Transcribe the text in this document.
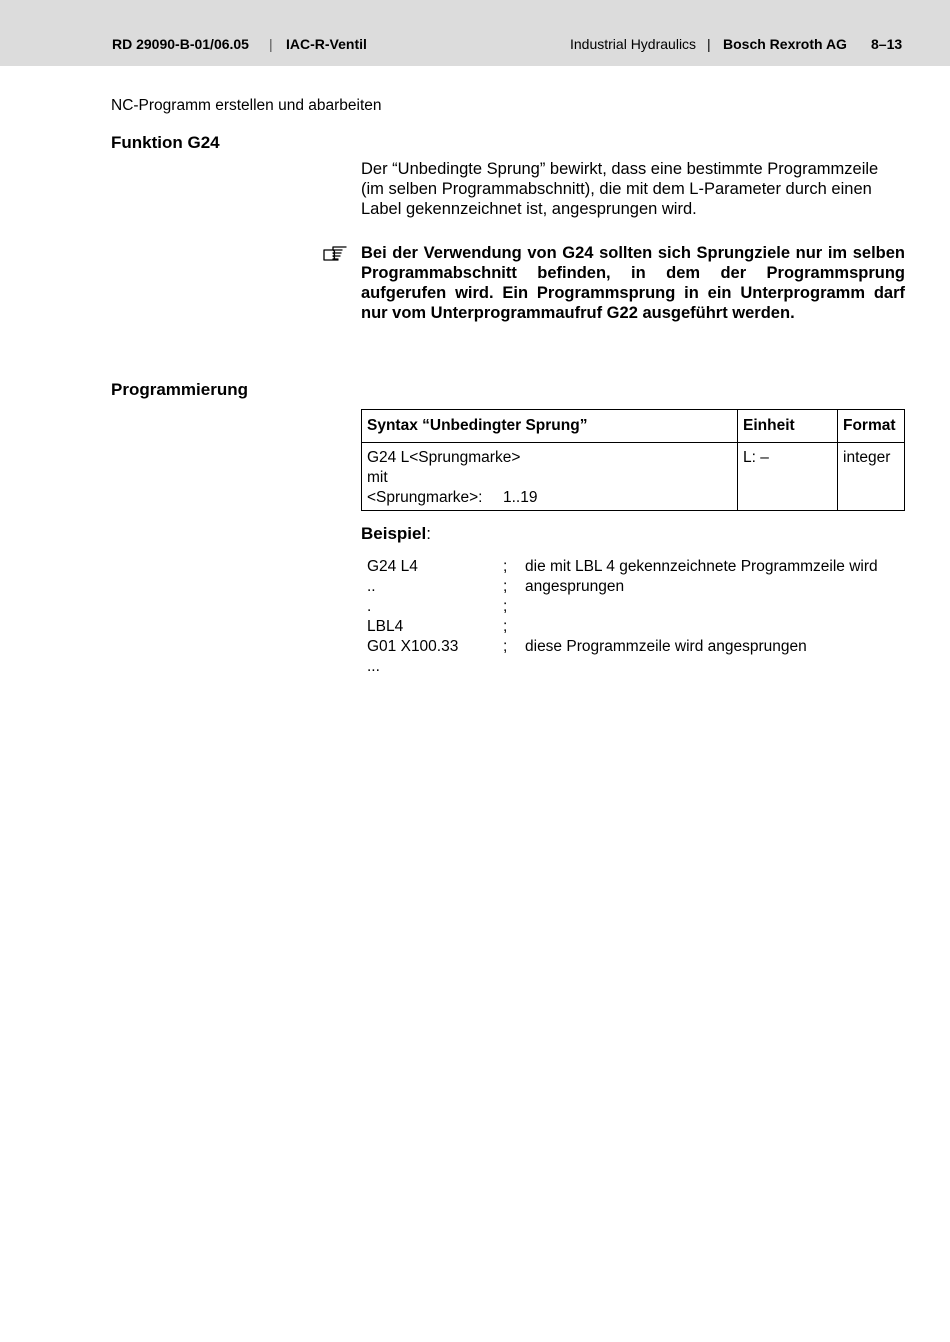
RD 29090-B-01/06.05 | IAC-R-Ventil	Industrial Hydraulics | Bosch Rexroth AG 8–13
NC-Programm erstellen und abarbeiten
Funktion G24
Der “Unbedingte Sprung” bewirkt, dass eine bestimmte Programmzeile
(im selben Programmabschnitt), die mit dem L-Parameter durch einen
Label gekennzeichnet ist, angesprungen wird.
Bei der Verwendung von G24 sollten sich Sprungziele nur im selben Programmabschnitt befinden, in dem der Programmsprung aufgerufen wird. Ein Programmsprung in ein Unterprogramm darf nur vom Unterprogrammaufruf G22 ausgeführt werden.
Programmierung
Syntax “Unbedingter Sprung”	Einheit	Format

G24 L<Sprungmarke>
mit
<Sprungmarke>: 1..19	L: –	integer
Beispiel:
G24 L4	; die mit LBL 4 gekennzeichnete Programmzeile wird
..	; angesprungen
.	;
LBL4	;
G01 X100.33	; diese Programmzeile wird angesprungen
...
